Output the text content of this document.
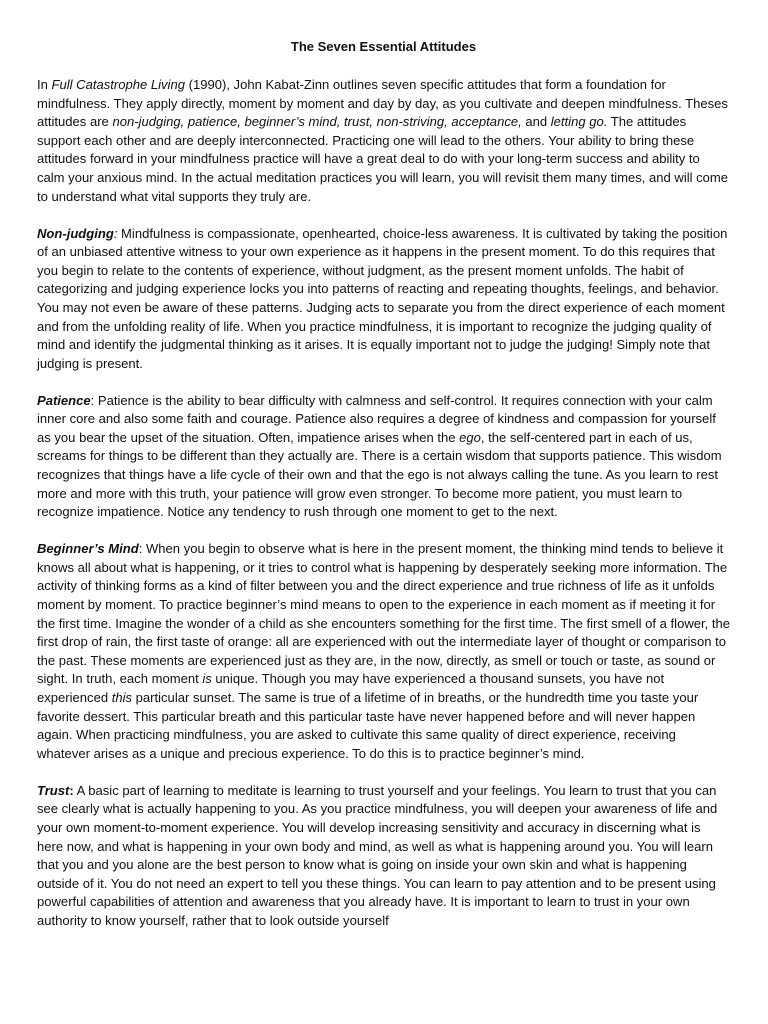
The Seven Essential Attitudes

In Full Catastrophe Living (1990), John Kabat-Zinn outlines seven specific attitudes that form a foundation for mindfulness. They apply directly, moment by moment and day by day, as you cultivate and deepen mindfulness. Theses attitudes are non-judging, patience, beginner’s mind, trust, non-striving, acceptance, and letting go. The attitudes support each other and are deeply interconnected. Practicing one will lead to the others. Your ability to bring these attitudes forward in your mindfulness practice will have a great deal to do with your long-term success and ability to calm your anxious mind. In the actual meditation practices you will learn, you will revisit them many times, and will come to understand what vital supports they truly are.

Non-judging: Mindfulness is compassionate, openhearted, choice-less awareness. It is cultivated by taking the position of an unbiased attentive witness to your own experience as it happens in the present moment. To do this requires that you begin to relate to the contents of experience, without judgment, as the present moment unfolds. The habit of categorizing and judging experience locks you into patterns of reacting and repeating thoughts, feelings, and behavior. You may not even be aware of these patterns. Judging acts to separate you from the direct experience of each moment and from the unfolding reality of life. When you practice mindfulness, it is important to recognize the judging quality of mind and identify the judgmental thinking as it arises. It is equally important not to judge the judging! Simply note that judging is present.

Patience: Patience is the ability to bear difficulty with calmness and self-control. It requires connection with your calm inner core and also some faith and courage. Patience also requires a degree of kindness and compassion for yourself as you bear the upset of the situation. Often, impatience arises when the ego, the self-centered part in each of us, screams for things to be different than they actually are. There is a certain wisdom that supports patience. This wisdom recognizes that things have a life cycle of their own and that the ego is not always calling the tune. As you learn to rest more and more with this truth, your patience will grow even stronger. To become more patient, you must learn to recognize impatience. Notice any tendency to rush through one moment to get to the next.

Beginner’s Mind: When you begin to observe what is here in the present moment, the thinking mind tends to believe it knows all about what is happening, or it tries to control what is happening by desperately seeking more information. The activity of thinking forms as a kind of filter between you and the direct experience and true richness of life as it unfolds moment by moment. To practice beginner’s mind means to open to the experience in each moment as if meeting it for the first time. Imagine the wonder of a child as she encounters something for the first time. The first smell of a flower, the first drop of rain, the first taste of orange: all are experienced with out the intermediate layer of thought or comparison to the past. These moments are experienced just as they are, in the now, directly, as smell or touch or taste, as sound or sight. In truth, each moment is unique. Though you may have experienced a thousand sunsets, you have not experienced this particular sunset. The same is true of a lifetime of in breaths, or the hundredth time you taste your favorite dessert. This particular breath and this particular taste have never happened before and will never happen again. When practicing mindfulness, you are asked to cultivate this same quality of direct experience, receiving whatever arises as a unique and precious experience. To do this is to practice beginner’s mind.

Trust: A basic part of learning to meditate is learning to trust yourself and your feelings. You learn to trust that you can see clearly what is actually happening to you. As you practice mindfulness, you will deepen your awareness of life and your own moment-to-moment experience. You will develop increasing sensitivity and accuracy in discerning what is here now, and what is happening in your own body and mind, as well as what is happening around you. You will learn that you and you alone are the best person to know what is going on inside your own skin and what is happening outside of it. You do not need an expert to tell you these things. You can learn to pay attention and to be present using powerful capabilities of attention and awareness that you already have. It is important to learn to trust in your own authority to know yourself, rather that to look outside yourself
